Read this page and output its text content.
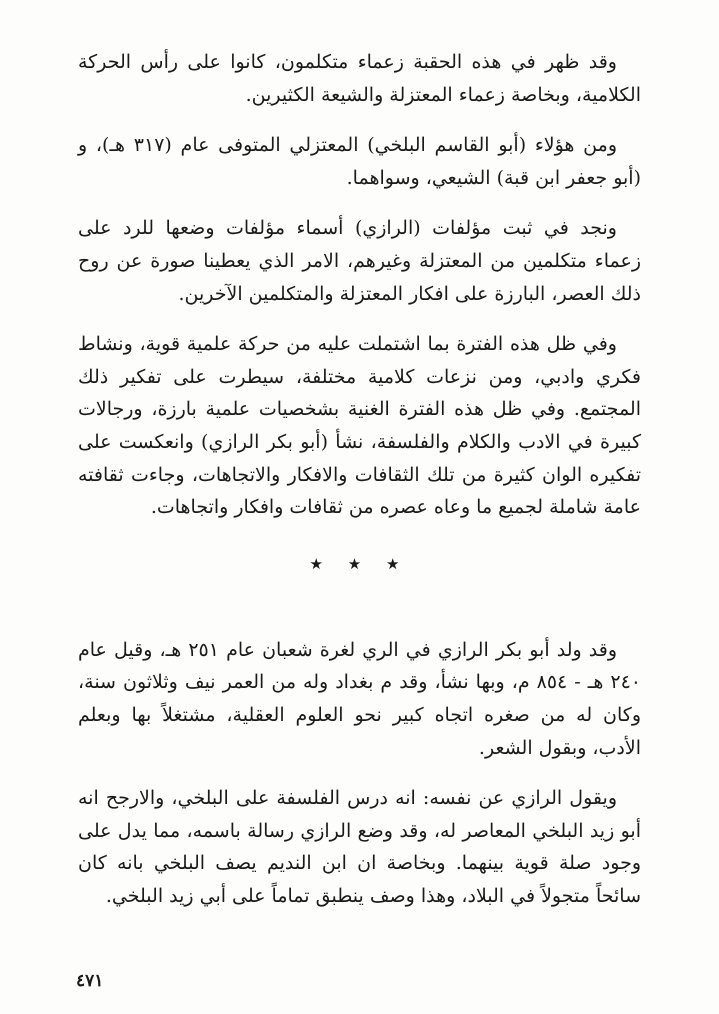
وقد ظهر في هذه الحقبة زعماء متكلمون، كانوا على رأس الحركة الكلامية، وبخاصة زعماء المعتزلة والشيعة الكثيرين.

ومن هؤلاء (أبو القاسم البلخي) المعتزلي المتوفى عام (٣١٧ هـ)، و (أبو جعفر ابن قبة) الشيعي، وسواهما.

ونجد في ثبت مؤلفات (الرازي) أسماء مؤلفات وضعها للرد على زعماء متكلمين من المعتزلة وغيرهم، الامر الذي يعطينا صورة عن روح ذلك العصر، البارزة على افكار المعتزلة والمتكلمين الآخرين.

وفي ظل هذه الفترة بما اشتملت عليه من حركة علمية قوية، ونشاط فكري وادبي، ومن نزعات كلامية مختلفة، سيطرت على تفكير ذلك المجتمع. وفي ظل هذه الفترة الغنية بشخصيات علمية بارزة، ورجالات كبيرة في الادب والكلام والفلسفة، نشأ (أبو بكر الرازي) وانعكست على تفكيره الوان كثيرة من تلك الثقافات والافكار والاتجاهات، وجاءت ثقافته عامة شاملة لجميع ما وعاه عصره من ثقافات وافكار واتجاهات.

★ ★ ★

وقد ولد أبو بكر الرازي في الري لغرة شعبان عام ٢٥١ هـ، وقيل عام ٢٤٠ هـ - ٨٥٤ م، وبها نشأ، وقد م بغداد وله من العمر نيف وثلاثون سنة، وكان له من صغره اتجاه كبير نحو العلوم العقلية، مشتغلاً بها وبعلم الأدب، وبقول الشعر.

ويقول الرازي عن نفسه: انه درس الفلسفة على البلخي، والارجح انه أبو زيد البلخي المعاصر له، وقد وضع الرازي رسالة باسمه، مما يدل على وجود صلة قوية بينهما. وبخاصة ان ابن النديم يصف البلخي بانه كان سائحاً متجولاً في البلاد، وهذا وصف ينطبق تماماً على أبي زيد البلخي.

٤٧١
